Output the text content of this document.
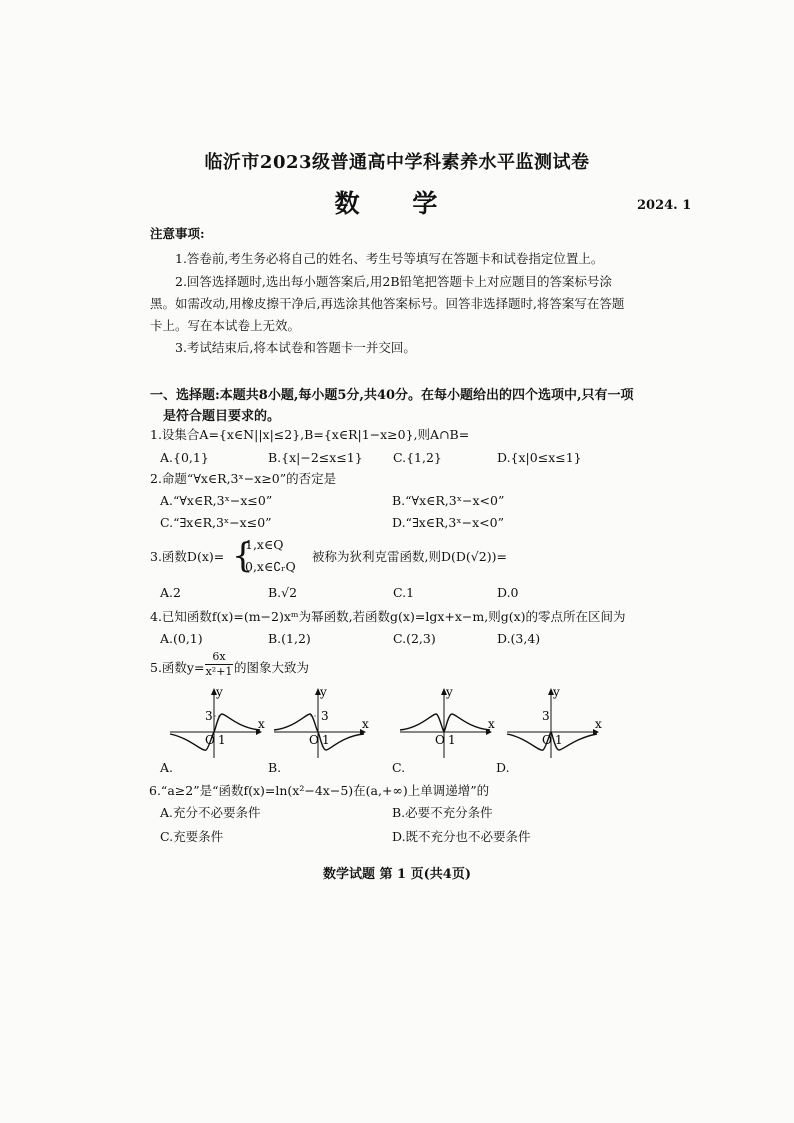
临沂市2023级普通高中学科素养水平监测试卷
数 学	2024. 1
注意事项:
1.答卷前,考生务必将自己的姓名、考生号等填写在答题卡和试卷指定位置上。
2.回答选择题时,选出每小题答案后,用2B铅笔把答题卡上对应题目的答案标号涂
黑。如需改动,用橡皮擦干净后,再选涂其他答案标号。回答非选择题时,将答案写在答题
卡上。写在本试卷上无效。
3.考试结束后,将本试卷和答题卡一并交回。
一、选择题:本题共8小题,每小题5分,共40分。在每小题给出的四个选项中,只有一项
是符合题目要求的。
1.设集合A={x∈N||x|≤2},B={x∈R|1−x≥0},则A∩B=
A.{0,1}	B.{x|−2≤x≤1} C.{1,2}	D.{x|0≤x≤1}
2.命题“∀x∈R,3ˣ−x≥0”的否定是
A.“∀x∈R,3ˣ−x≤0”	B.“∀x∈R,3ˣ−x<0”
C.“∃x∈R,3ˣ−x≤0”	D.“∃x∈R,3ˣ−x<0”
3.函数D(x)= {
1,x∈Q
0,x∈∁ᵣQ
被称为狄利克雷函数,则D(D(√2))=
A.2	B.√2	C.1	D.0
4.已知函数f(x)=(m−2)xᵐ为幂函数,若函数g(x)=lgx+x−m,则g(x)的零点所在区间为
A.(0,1)	B.(1,2)	C.(2,3)	D.(3,4)
5.函数y=
6x
x²+1 的图象大致为
y
x
O 1
3
A.
y
x
O 1
3
B.
y
x
O 1
C.
y
x
O 1
3
D.
6.“a≥2”是“函数f(x)=ln(x²−4x−5)在(a,+∞)上单调递增”的
A.充分不必要条件	B.必要不充分条件
C.充要条件	D.既不充分也不必要条件
数学试题 第 1 页(共4页)
